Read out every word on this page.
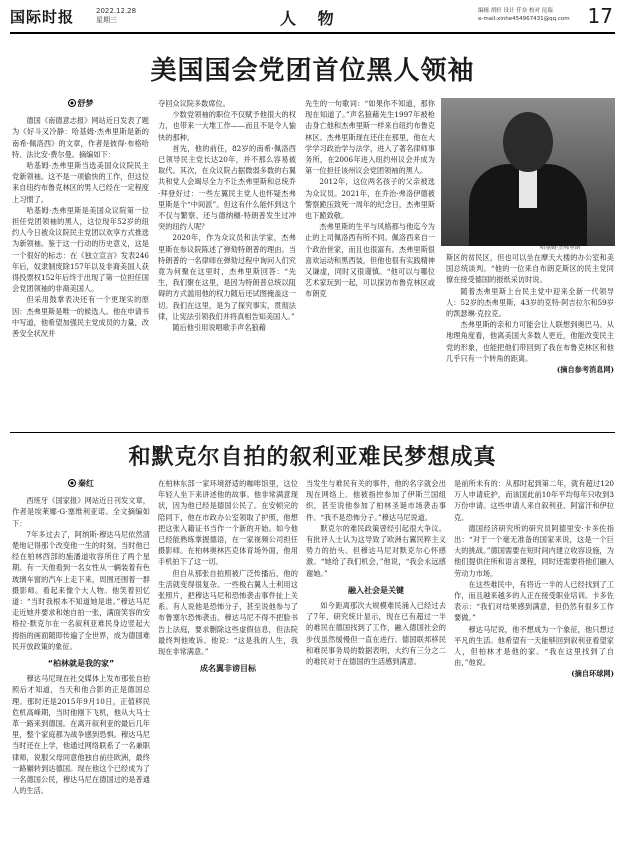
国际时报	2022.12.28
星期三	人 物	编辑 胡轩 设计 仟奈 校对 昆瑞
e-mail:xinhe454967431@qq.com 17
美国国会党团首位黑人领袖
舒梦

德国《南德意志报》网站近日发表了题为《好斗又冷静：哈基姆·杰弗里斯是新的南希·佩洛西》的文章，作者是彼得·布格哈特、法比安·费尔曼。摘编如下：

哈基姆·杰弗里斯当选美国众议院民主党新领袖。这不是一项偷快的工作，但这位来自纽约布鲁克林区的男人已经在一定程度上习惯了。

哈基姆·杰弗里斯是美国众议院第一位担任党团领袖的黑人，这位现年52岁的纽约人今日被众议院民主党团以欢享方式推选为新领袖。鉴于这一行动的历史意义，这是一个很好的标志：在《独立宣言》发表246年后，奴隶制废除157年以及非裔美国人获得投票权152年后终于出现了第一位担任国会党团领袖的非裔美国人。

但采用鼓掌表决还有一个更现实的原因：杰弗里斯是唯一的候选人。他在申请书中写道，他希望加强民主党成员的力量，改善安全状况并

夺回众议院多数席位。

少数党领袖的职位不仅赋予他很大的权力，也带来一大堆工作——而且不是令人愉快的那种。

首先，他的前任，82岁的南希·佩洛西已领导民主党长达20年，并不那么容易被取代。其次，在众议院占据微弱多数的右翼共和党人会竭尽全力不让杰弗里斯和总统乔·拜登好过：一些左翼民主党人也怀疑杰弗里斯是个“中间派”。但这有什么能怀到这个不仅与繁察、还与德纳穗·特朗普发生过冲突的纽约人呢？

2020年，作为众议员和法学家，杰弗里斯在参议院陈述了弹劾特朗普的理由。当特朗普的一名律师在弹劾过程中询问人们究竟为何聚在这里时，杰弗里斯回答：“先生，我们聚在这里，是因为特朗普总统以阻碍的方式滥用他的权力随后还试图掩盖这一切。我们在这里，是为了探究事实，贯彻法律，让宪法引领我们并将真相告知美国人。”

随后他引用说唱歌手声名狼藉

先生的一句歌词：“如果你不知道，那你现在知道了。”声名狼藉先生1997年被枪击身亡他和杰弗里斯一样来自纽约布鲁克林区。杰弗里斯现在还住在那里，他在大学学习政治学与法学，进入了著名律师事务所，在2006年进入纽约州议会并成为第一位担任该州议会党团领袖的黑人。

2012年，这位两名孩子的父亲被选为众议员。2021年，在乔治·弗洛伊德被警察跪压致死一周年的纪念日，杰弗里斯也下跪致敬。

杰弗里斯的生平与风格都与他迄今为止的上司佩洛西有所不同。佩洛西来自一个政治世家，而且也很富有。杰弗里斯很喜欢运动和黑西装，但他也很有实践精神又谦虚，同时又很谨慎。“他可以与哪位艺术家玩到一起，可以探访布鲁克林区或布朗克

哈基姆·杰弗里斯

斯区的贫民区，但也可以坐在摩天大楼的办公室和美国总统谈判。“他的一位来自布朗克斯区的民主党同僚在接受德国的报纸采访时说。

随着杰弗里斯上台民主党中迎来全新一代领导人：52岁的杰弗里斯，43岁的克特·阿吉拉尔和59岁的凯瑟琳·克拉克。

杰弗里斯的亲和力可能会让人联想到奥巴马。从地理角度看，他离美国大多数人更近，他能改变民主党的形象，也能把他们带回到了我在布鲁克林区和他几乎只有一个转角的距离。

(摘自参考消息网)

和默克尔自拍的叙利亚难民梦想成真
秦红

西班牙《国家报》网站近日刊发文章，作者是埃莱娜·G·塞维利亚诺。全文摘编如下：

7年多过去了，阿纳斯·穆达马尼依然清楚地记得那个改变他一生的时刻。当时他已经在柏林西部的施潘道收容所住了两个星期。有一天他看到一名女性从一辆装着有色玻璃车窗的汽车上走下来，周围还围着一群摄影师。看起来像个大人物。他笑着回忆道：“当时我根本不知道她是谁。”穆达马尼走近她并要求和她自拍一张，满面笑容的安格拉·默克尔在一名叙利亚难民身边竖起大拇指的画面随即传遍了全世界，成为德国难民开放政策的象征。

“柏林就是我的家”

穆达马尼现在社交媒体上发布那张自拍照后才知道，当天和他合影的正是德国总理。那时还是2015年9月10日，正值移民危机高峰期，当时他刚下飞机，他从大马士革一路来到德国。在离开叙利亚的最后几年里，整个家庭都为战争感到恐惧。穆达马尼当时还在上学，他通过网络联系了一名兼职律师，说服父母同意他独自前往欧洲，最终一路辗转到达德国。现在他这个已经成为了一名德国公民，穆达马尼在德国过的是普通人的生活。

在柏林东部一家环境舒适的咖啡馆里，这位年轻人坐下来讲述他的故事。他非常满意现状，因为他已经是德国公民了。在安顿完的陪同下，他在市政办公室领取了护照，他想把这张入籍证书当作一个新的开始。如今他已经能熟练掌握德语，在一家视频公司担任摄影师。在柏林奥林匹克体育场外面，他用手机拍下了这一切。

但自从那张自拍照被广泛传播后，他的生活就变得很复杂。一些极右翼人士利用这张照片，把穆达马尼和恐怖袭击事件扯上关系。有人说他是恐怖分子，甚至说他参与了布鲁塞尔恐怖袭击。穆达马尼不得不把脸书告上法庭，要求删除这些虚假信息，但法院最终判他败诉。他说：“这是我的人生，我现在非常满意。”

成名翼非谤目标

当发生与难民有关的事件，他的名字就会出现在网络上。他被指控参加了伊斯兰国组织，甚至说他参加了柏林圣诞市场袭击事件。“我不是恐怖分子。”穆达马尼说道。

默克尔的难民政策曾经引起很大争议。有批评人士认为这导致了欧洲右翼民粹主义势力的抬头。但穆达马尼对默克尔心怀感激。“她给了我们机会，”他说，“我会永远感谢她。”

融入社会是关键

如今距离那次大规模难民涌入已经过去了7年，研究统计显示，现在已有超过一半的难民在德国找到了工作，融入德国社会的步伐虽然缓慢但一直在进行。德国联邦移民和难民事务局的数据表明，大约有三分之二的难民对于在德国的生活感到满意。

是前所未有的：从那时起到第二年，就有超过120万人申请庇护，而该国此前10年平均每年只收到3万份申请。这些申请人来自叙利亚、阿富汗和伊拉克。

德国经济研究所的研究员阿德里安·卡多佐指出：“对于一个毫无准备的国家来说，这是一个巨大的挑战。”德国需要在短时间内建立收容设施，为他们提供住所和语言课程，同时还需要将他们融入劳动力市场。

在这些难民中，有将近一半的人已经找到了工作，而且越来越多的人正在接受职业培训。卡多佐表示：“我们对结果感到满意，但仍然有很多工作要做。”

穆达马尼说，他不想成为一个象征，他只想过平凡的生活。他希望有一天能够回到叙利亚看望家人，但柏林才是他的家。“我在这里找到了自由，”他说。

(摘自环球网)
